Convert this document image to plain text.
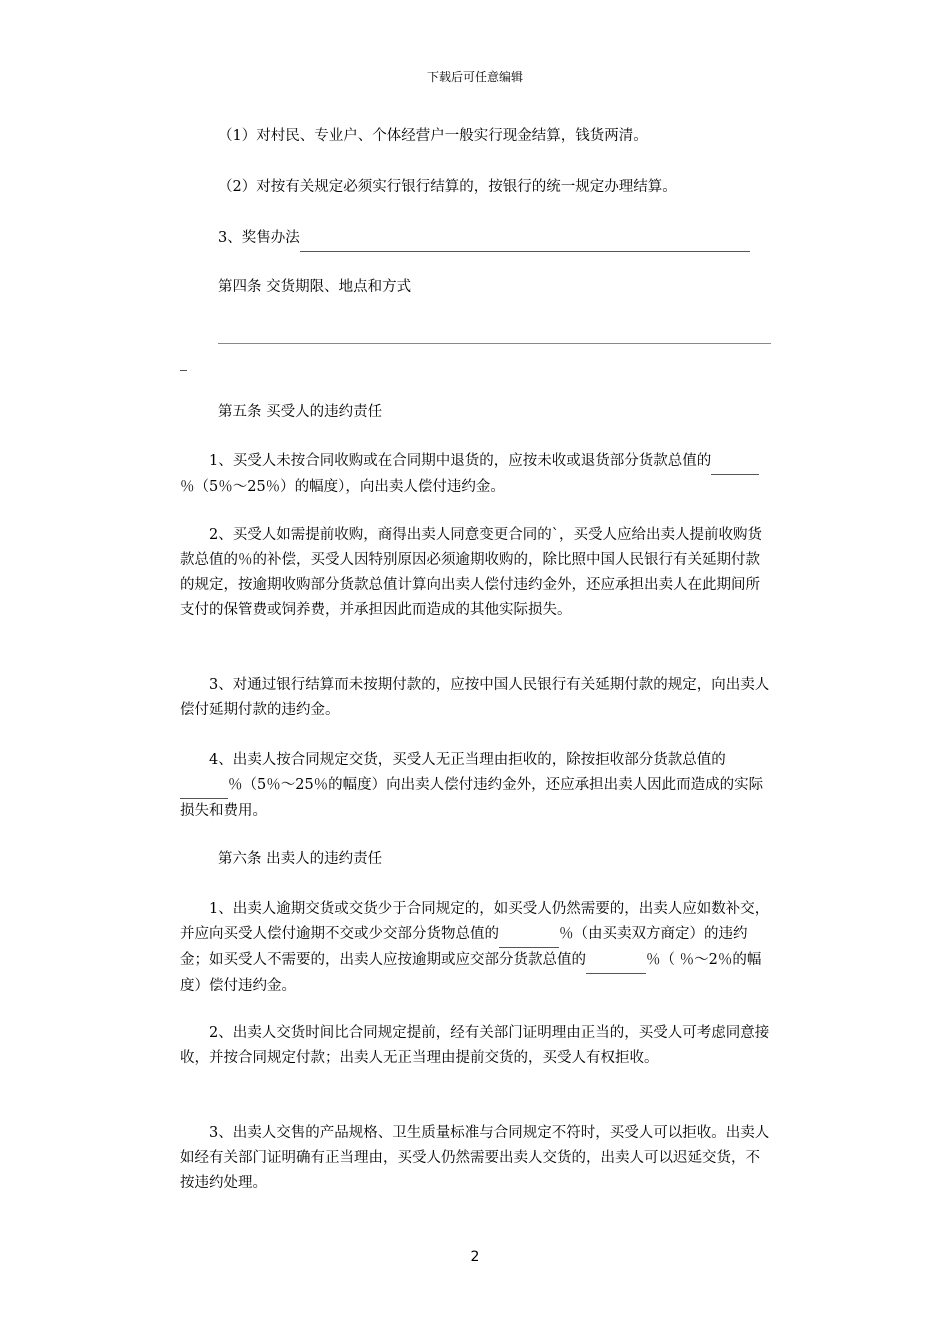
下载后可任意编辑

（1）对村民、专业户、个体经营户一般实行现金结算，钱货两清。

（2）对按有关规定必须实行银行结算的，按银行的统一规定办理结算。

3、奖售办法

第四条 交货期限、地点和方式

第五条 买受人的违约责任

1、买受人未按合同收购或在合同期中退货的，应按未收或退货部分货款总值的 ％（5％～25％）的幅度），向出卖人偿付违约金。

2、买受人如需提前收购，商得出卖人同意变更合同的`，买受人应给出卖人提前收购货款总值的％的补偿，买受人因特别原因必须逾期收购的，除比照中国人民银行有关延期付款的规定，按逾期收购部分货款总值计算向出卖人偿付违约金外，还应承担出卖人在此期间所支付的保管费或饲养费，并承担因此而造成的其他实际损失。

3、对通过银行结算而未按期付款的，应按中国人民银行有关延期付款的规定，向出卖人偿付延期付款的违约金。

4、出卖人按合同规定交货，买受人无正当理由拒收的，除按拒收部分货款总值的 ％（5％～25％的幅度）向出卖人偿付违约金外，还应承担出卖人因此而造成的实际损失和费用。

第六条 出卖人的违约责任

1、出卖人逾期交货或交货少于合同规定的，如买受人仍然需要的，出卖人应如数补交，并应向买受人偿付逾期不交或少交部分货物总值的	％（由买卖双方商定）的违约金；如买受人不需要的，出卖人应按逾期或应交部分货款总值的	％（ ％～2％的幅度）偿付违约金。

2、出卖人交货时间比合同规定提前，经有关部门证明理由正当的，买受人可考虑同意接收，并按合同规定付款；出卖人无正当理由提前交货的，买受人有权拒收。

3、出卖人交售的产品规格、卫生质量标准与合同规定不符时，买受人可以拒收。出卖人如经有关部门证明确有正当理由，买受人仍然需要出卖人交货的，出卖人可以迟延交货，不按违约处理。

2
